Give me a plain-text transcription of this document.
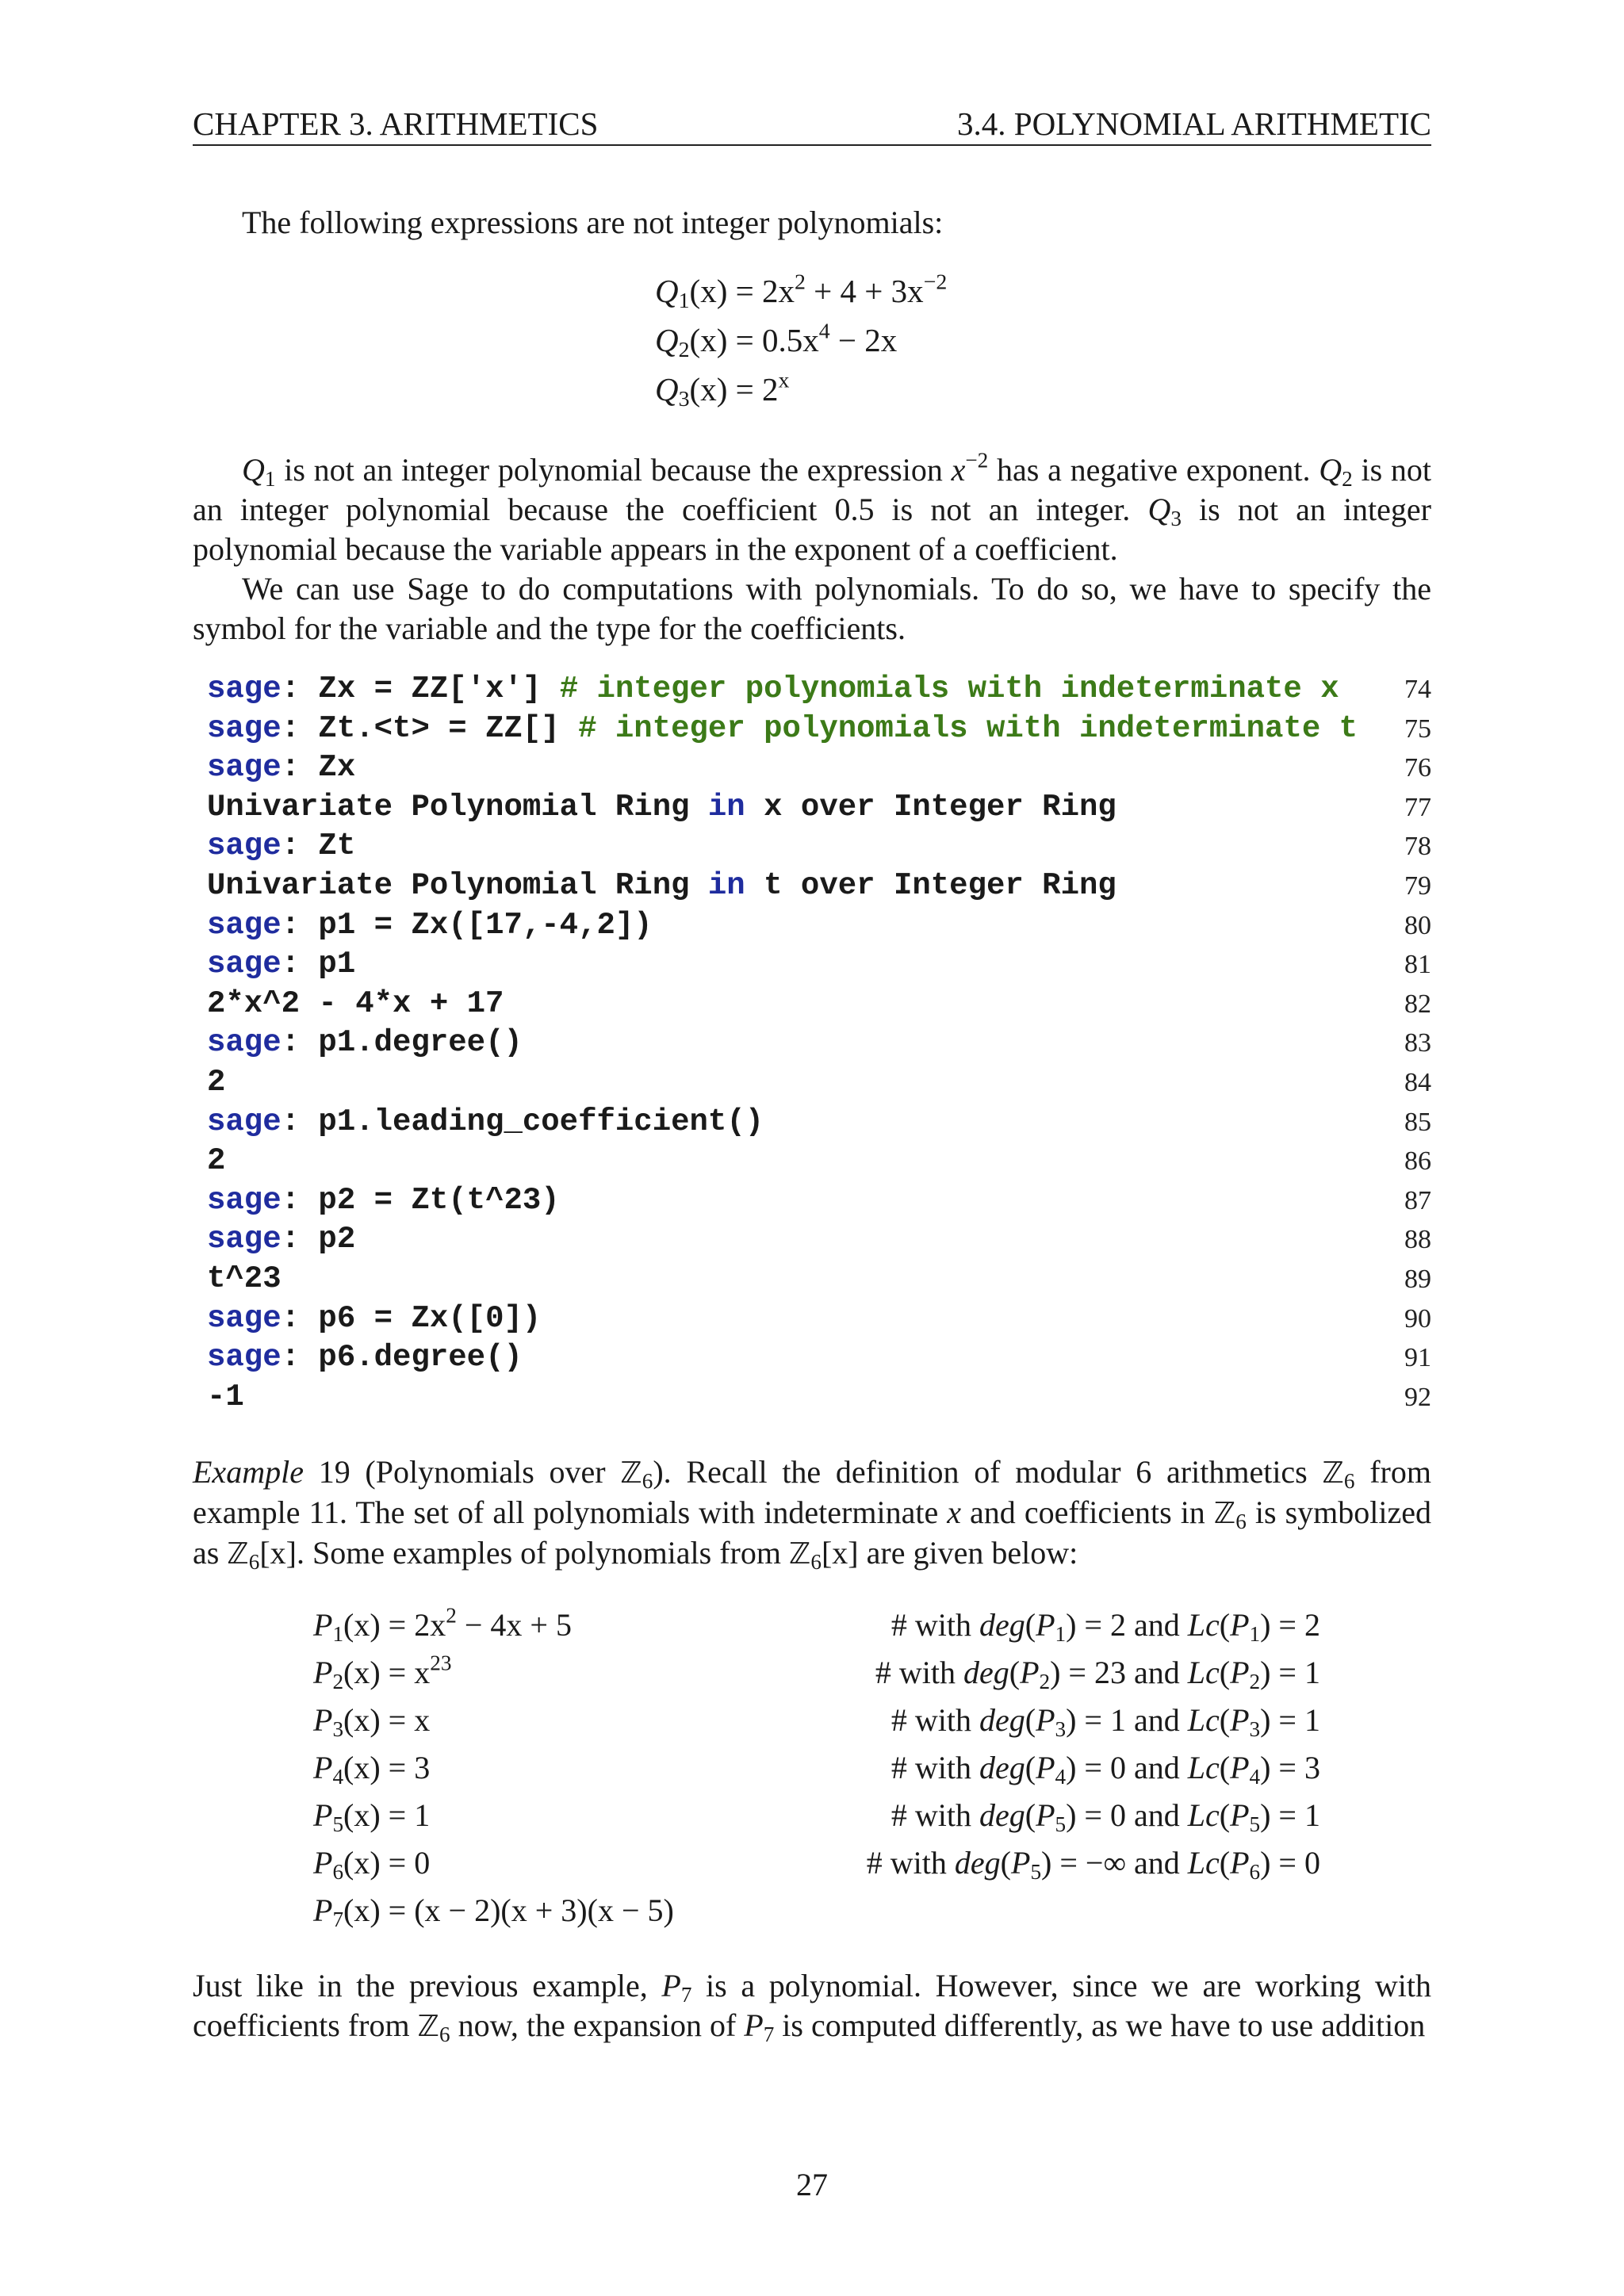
CHAPTER 3. ARITHMETICS	3.4. POLYNOMIAL ARITHMETIC
The following expressions are not integer polynomials:
$Q_1(x) = 2x^2 + 4 + 3x^{-2}$
$Q_2(x) = 0.5x^4 - 2x$
$Q_3(x) = 2^x$
$Q_1$ is not an integer polynomial because the expression $x^{-2}$ has a negative exponent. $Q_2$ is not an integer polynomial because the coefficient 0.5 is not an integer. $Q_3$ is not an integer polynomial because the variable appears in the exponent of a coefficient.
We can use Sage to do computations with polynomials. To do so, we have to specify the symbol for the variable and the type for the coefficients.
sage: Zx = ZZ['x'] # integer polynomials with indeterminate x 74
sage: Zt.<t> = ZZ[] # integer polynomials with indeterminate t 75
sage: Zx	76
Univariate Polynomial Ring in x over Integer Ring	77
sage: Zt	78
Univariate Polynomial Ring in t over Integer Ring	79
sage: p1 = Zx([17,-4,2])	80
sage: p1	81
2*x^2 - 4*x + 17	82
sage: p1.degree()	83
2	84
sage: p1.leading_coefficient()	85
2	86
sage: p2 = Zt(t^23)	87
sage: p2	88
t^23	89
sage: p6 = Zx([0])	90
sage: p6.degree()	91
-1	92
Example 19 (Polynomials over ℤ$_6$). Recall the definition of modular 6 arithmetics ℤ$_6$ from example 11. The set of all polynomials with indeterminate x and coefficients in ℤ$_6$ is symbolized as ℤ$_6$[x]. Some examples of polynomials from ℤ$_6$[x] are given below:
$P_1(x) = 2x^2 - 4x + 5$	# with $deg(P_1) = 2$ and $Lc(P_1) = 2$
$P_2(x) = x^{23}$	# with $deg(P_2) = 23$ and $Lc(P_2) = 1$
$P_3(x) = x$	# with $deg(P_3) = 1$ and $Lc(P_3) = 1$
$P_4(x) = 3$	# with $deg(P_4) = 0$ and $Lc(P_4) = 3$
$P_5(x) = 1$	# with $deg(P_5) = 0$ and $Lc(P_5) = 1$
$P_6(x) = 0$	# with $deg(P_5)$ = −∞ and $Lc(P_6) = 0$
$P_7(x) = (x - 2)(x + 3)(x - 5)$
Just like in the previous example, $P_7$ is a polynomial. However, since we are working with coefficients from ℤ$_6$ now, the expansion of $P_7$ is computed differently, as we have to use addition
27
